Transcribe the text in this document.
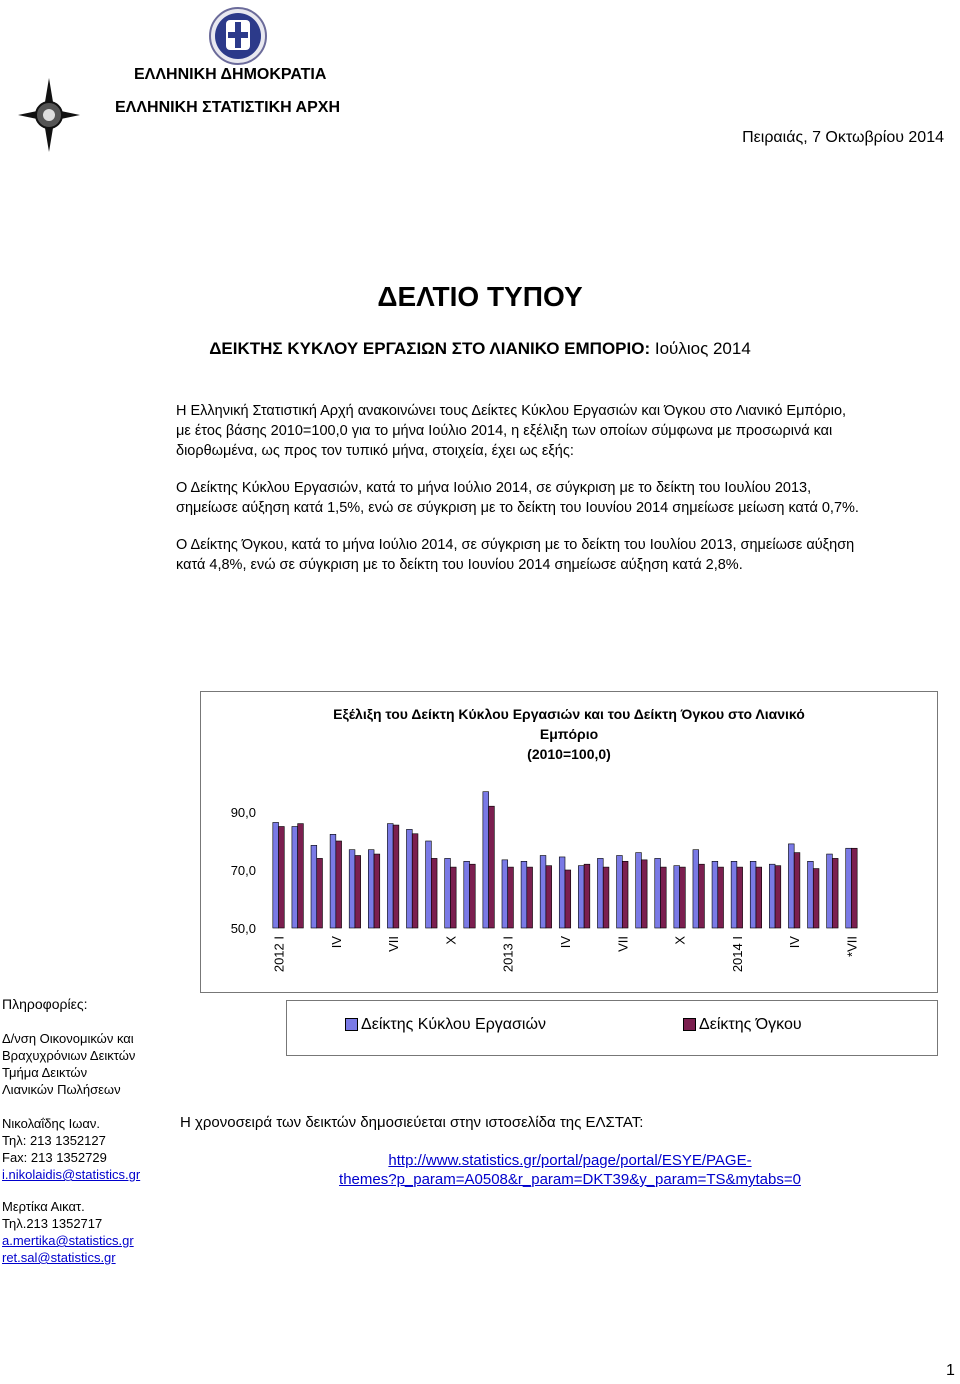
ΕΛΛΗΝΙΚΗ ΔΗΜΟΚΡΑΤΙΑ
ΕΛΛΗΝΙΚΗ ΣΤΑΤΙΣΤΙΚΗ ΑΡΧΗ
Πειραιάς, 7 Οκτωβρίου 2014
ΔΕΛΤΙΟ ΤΥΠΟΥ
ΔΕΙΚΤΗΣ ΚΥΚΛΟΥ ΕΡΓΑΣΙΩΝ ΣΤΟ ΛΙΑΝΙΚΟ ΕΜΠΟΡΙΟ: Ιούλιος 2014
Η Ελληνική Στατιστική Αρχή ανακοινώνει τους Δείκτες Κύκλου Εργασιών και Όγκου στο Λιανικό Εμπόριο,
με έτος βάσης 2010=100,0 για το μήνα Ιούλιο 2014, η εξέλιξη των οποίων σύμφωνα με προσωρινά και
διορθωμένα, ως προς τον τυπικό μήνα, στοιχεία, έχει ως εξής:
Ο Δείκτης Κύκλου Εργασιών, κατά το μήνα Ιούλιο 2014, σε σύγκριση με το δείκτη του Ιουλίου 2013,
σημείωσε αύξηση κατά 1,5%, ενώ σε σύγκριση με το δείκτη του Ιουνίου 2014 σημείωσε μείωση κατά 0,7%.
Ο Δείκτης Όγκου, κατά το μήνα Ιούλιο 2014, σε σύγκριση με το δείκτη του Ιουλίου 2013, σημείωσε αύξηση
κατά 4,8%, ενώ σε σύγκριση με το δείκτη του Ιουνίου 2014 σημείωσε αύξηση κατά 2,8%.
Εξέλιξη του Δείκτη Κύκλου Εργασιών και του Δείκτη Όγκου στο Λιανικό
Εμπόριο
(2010=100,0)
90,0
70,0
50,0
2012 I	IV	VII	X	2013 I	IV	VII	X	2014 I	IV	*VII
Δείκτης Κύκλου Εργασιών	Δείκτης Όγκου
Πληροφορίες:
Δ/νση Οικονομικών και
Βραχυχρόνιων Δεικτών
Τμήμα Δεικτών
Λιανικών Πωλήσεων
Νικολαΐδης Ιωαν.
Τηλ: 213 1352127
Fax: 213 1352729
i.nikolaidis@statistics.gr
Μερτίκα Αικατ.
Τηλ.213 1352717
a.mertika@statistics.gr
ret.sal@statistics.gr
Η χρονοσειρά των δεικτών δημοσιεύεται στην ιστοσελίδα της ΕΛΣΤΑΤ:
http://www.statistics.gr/portal/page/portal/ESYE/PAGE-
themes?p_param=A0508&r_param=DKT39&y_param=TS&mytabs=0
1
